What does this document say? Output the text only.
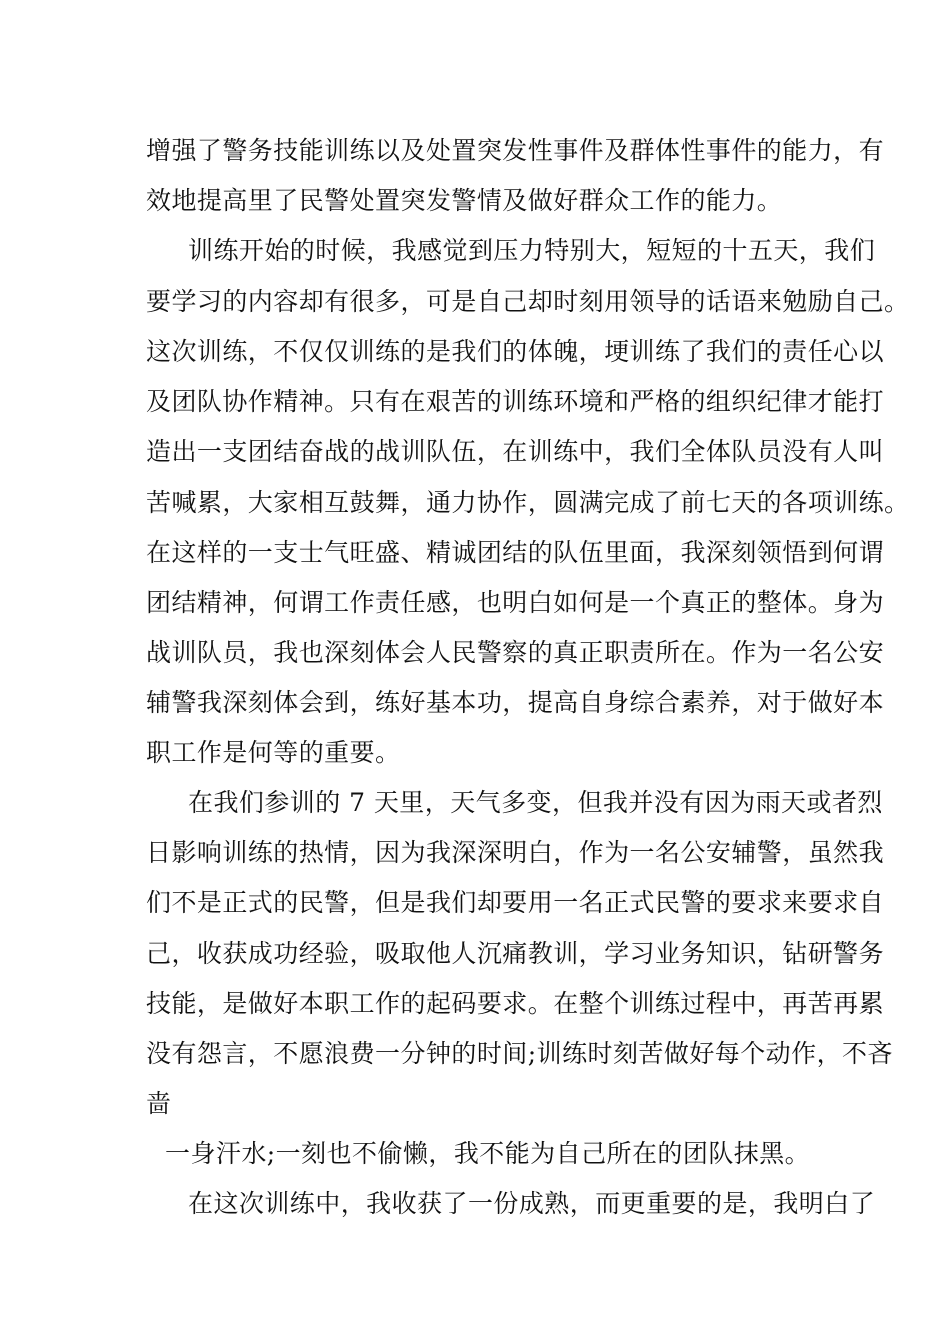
增强了警务技能训练以及处置突发性事件及群体性事件的能力，有

效地提高里了民警处置突发警情及做好群众工作的能力。

训练开始的时候，我感觉到压力特别大，短短的十五天，我们

要学习的内容却有很多，可是自己却时刻用领导的话语来勉励自己。

这次训练，不仅仅训练的是我们的体魄，埂训练了我们的责任心以

及团队协作精神。只有在艰苦的训练环境和严格的组织纪律才能打

造出一支团结奋战的战训队伍，在训练中，我们全体队员没有人叫

苦喊累，大家相互鼓舞，通力协作，圆满完成了前七天的各项训练。

在这样的一支士气旺盛、精诚团结的队伍里面，我深刻领悟到何谓

团结精神，何谓工作责任感，也明白如何是一个真正的整体。身为

战训队员，我也深刻体会人民警察的真正职责所在。作为一名公安

辅警我深刻体会到，练好基本功，提高自身综合素养，对于做好本

职工作是何等的重要。

在我们参训的 7 天里，天气多变，但我并没有因为雨天或者烈

日影响训练的热情，因为我深深明白，作为一名公安辅警，虽然我

们不是正式的民警，但是我们却要用一名正式民警的要求来要求自

己，收获成功经验，吸取他人沉痛教训，学习业务知识，钻研警务

技能，是做好本职工作的起码要求。在整个训练过程中，再苦再累

没有怨言，不愿浪费一分钟的时间;训练时刻苦做好每个动作，不吝

啬

一身汗水;一刻也不偷懒，我不能为自己所在的团队抹黑。

在这次训练中，我收获了一份成熟，而更重要的是，我明白了
